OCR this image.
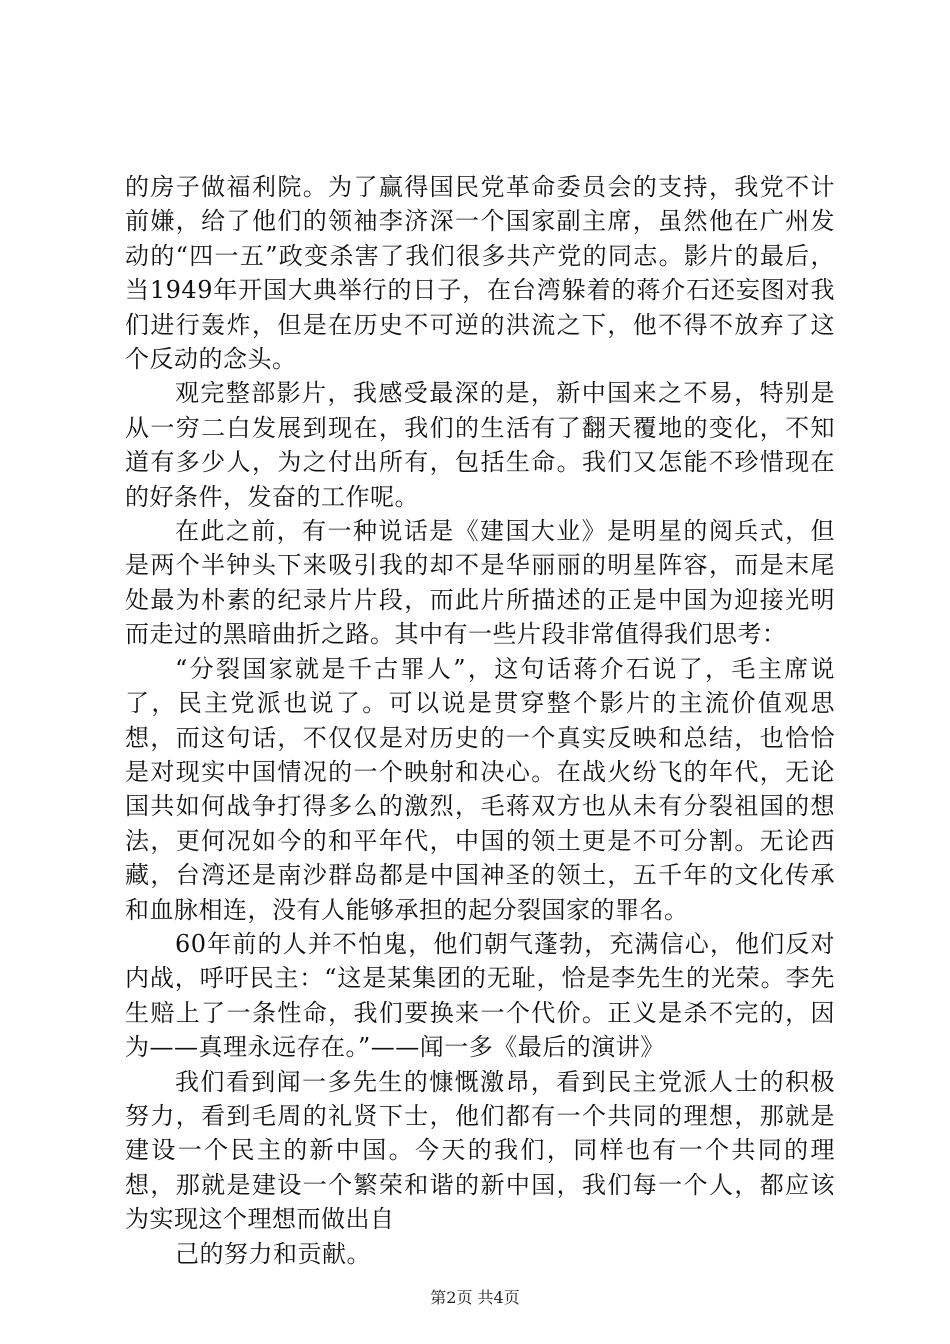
的房子做福利院。为了赢得国民党革命委员会的支持，我党不计前嫌，给了他们的领袖李济深一个国家副主席，虽然他在广州发动的“四一五”政变杀害了我们很多共产党的同志。影片的最后，当1949年开国大典举行的日子，在台湾躲着的蒋介石还妄图对我们进行轰炸，但是在历史不可逆的洪流之下，他不得不放弃了这个反动的念头。

观完整部影片，我感受最深的是，新中国来之不易，特别是从一穷二白发展到现在，我们的生活有了翻天覆地的变化，不知道有多少人，为之付出所有，包括生命。我们又怎能不珍惜现在的好条件，发奋的工作呢。

在此之前，有一种说话是《建国大业》是明星的阅兵式，但是两个半钟头下来吸引我的却不是华丽丽的明星阵容，而是末尾处最为朴素的纪录片片段，而此片所描述的正是中国为迎接光明而走过的黑暗曲折之路。其中有一些片段非常值得我们思考：

“分裂国家就是千古罪人”，这句话蒋介石说了，毛主席说了，民主党派也说了。可以说是贯穿整个影片的主流价值观思想，而这句话，不仅仅是对历史的一个真实反映和总结，也恰恰是对现实中国情况的一个映射和决心。在战火纷飞的年代，无论国共如何战争打得多么的激烈，毛蒋双方也从未有分裂祖国的想法，更何况如今的和平年代，中国的领土更是不可分割。无论西藏，台湾还是南沙群岛都是中国神圣的领土，五千年的文化传承和血脉相连，没有人能够承担的起分裂国家的罪名。

60年前的人并不怕鬼，他们朝气蓬勃，充满信心，他们反对内战，呼吁民主：“这是某集团的无耻，恰是李先生的光荣。李先生赔上了一条性命，我们要换来一个代价。正义是杀不完的，因为——真理永远存在。”——闻一多《最后的演讲》

我们看到闻一多先生的慷慨激昂，看到民主党派人士的积极努力，看到毛周的礼贤下士，他们都有一个共同的理想，那就是建设一个民主的新中国。今天的我们，同样也有一个共同的理想，那就是建设一个繁荣和谐的新中国，我们每一个人，都应该为实现这个理想而做出自

己的努力和贡献。

第2页 共4页
